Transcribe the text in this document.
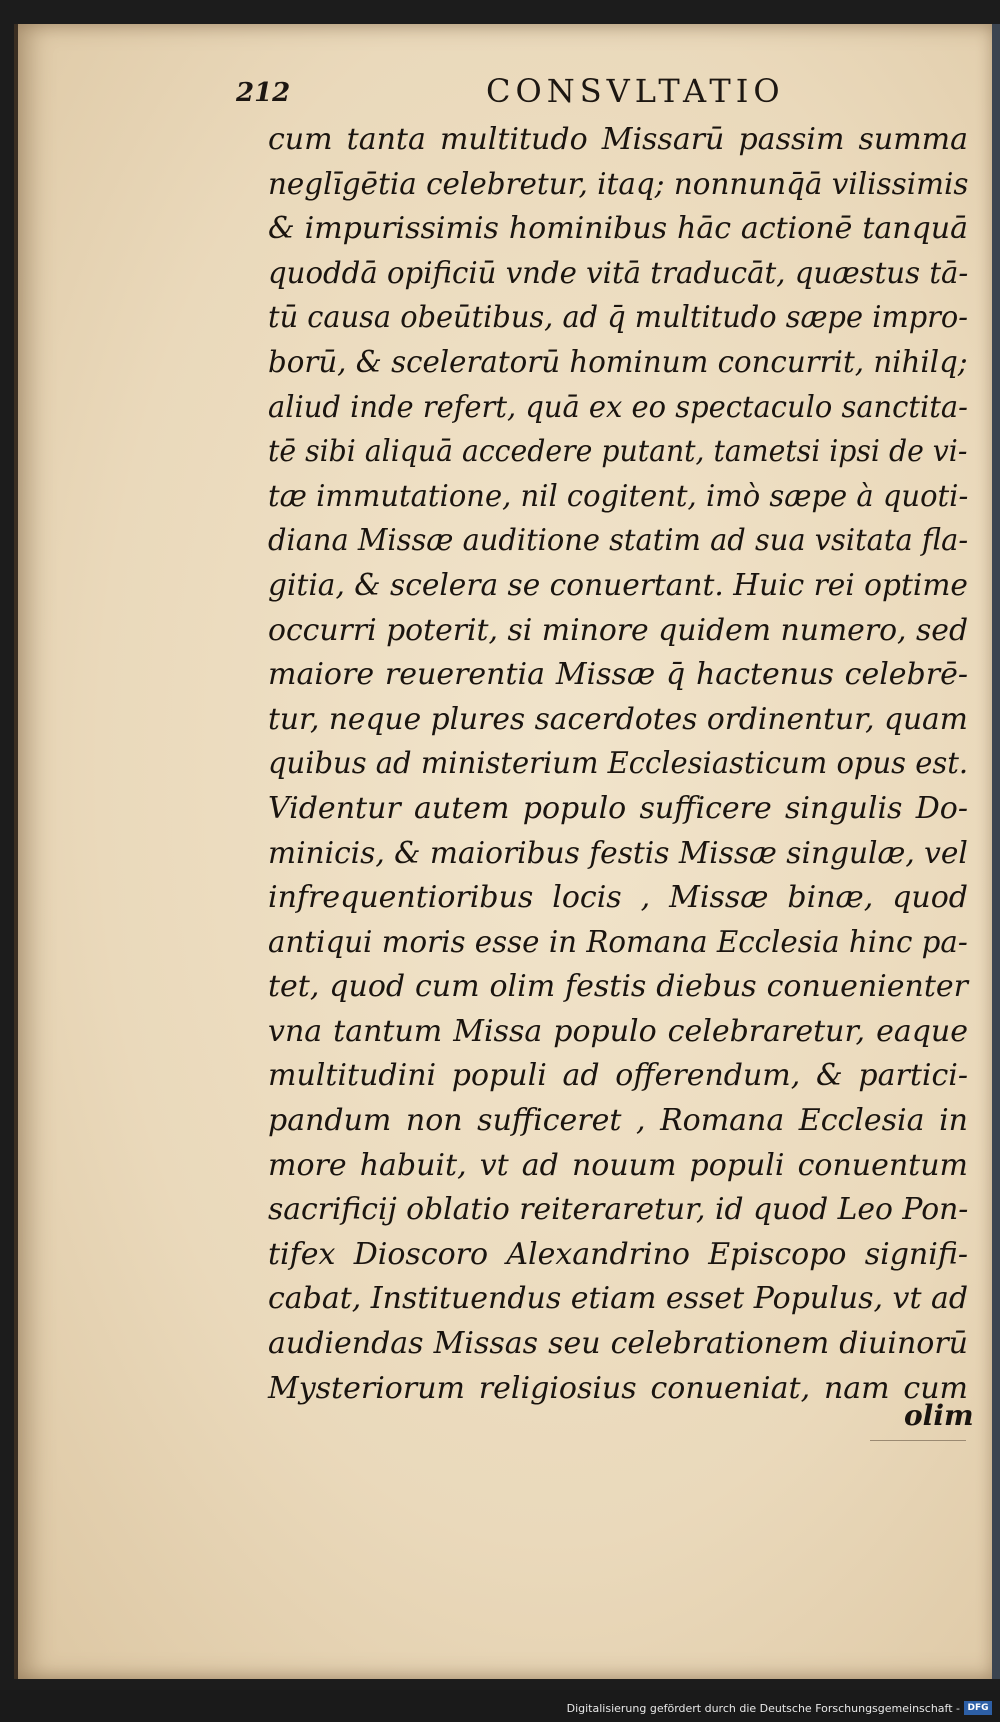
212	CONSVLTATIO
cum tanta multitudo Missarū passim summa
neglīgētia celebretur, itaq; nonnunq̄ā vilissimis
& impurissimis hominibus hāc actionē tanquā
quoddā opificiū vnde vitā traducāt, quæstus tā-
tū causa obeūtibus, ad q̄ multitudo sæpe impro-
borū, & sceleratorū hominum concurrit, nihilq;
aliud inde refert, quā ex eo spectaculo sanctita-
tē sibi aliquā accedere putant, tametsi ipsi de vi-
tæ immutatione, nil cogitent, imò sæpe à quoti-
diana Missæ auditione statim ad sua vsitata fla-
gitia, & scelera se conuertant. Huic rei optime
occurri poterit, si minore quidem numero, sed
maiore reuerentia Missæ q̄ hactenus celebrē-
tur, neque plures sacerdotes ordinentur, quam
quibus ad ministerium Ecclesiasticum opus est.
Videntur autem populo sufficere singulis Do-
minicis, & maioribus festis Missæ singulæ, vel
infrequentioribus locis , Missæ binæ, quod
antiqui moris esse in Romana Ecclesia hinc pa-
tet, quod cum olim festis diebus conuenienter
vna tantum Missa populo celebraretur, eaque
multitudini populi ad offerendum, & partici-
pandum non sufficeret , Romana Ecclesia in
more habuit, vt ad nouum populi conuentum
sacrificij oblatio reiteraretur, id quod Leo Pon-
tifex Dioscoro Alexandrino Episcopo signifi-
cabat, Instituendus etiam esset Populus, vt ad
audiendas Missas seu celebrationem diuinorū
Mysteriorum religiosius conueniat, nam cum
olim
Digitalisierung gefördert durch die Deutsche Forschungsgemeinschaft - DFG
